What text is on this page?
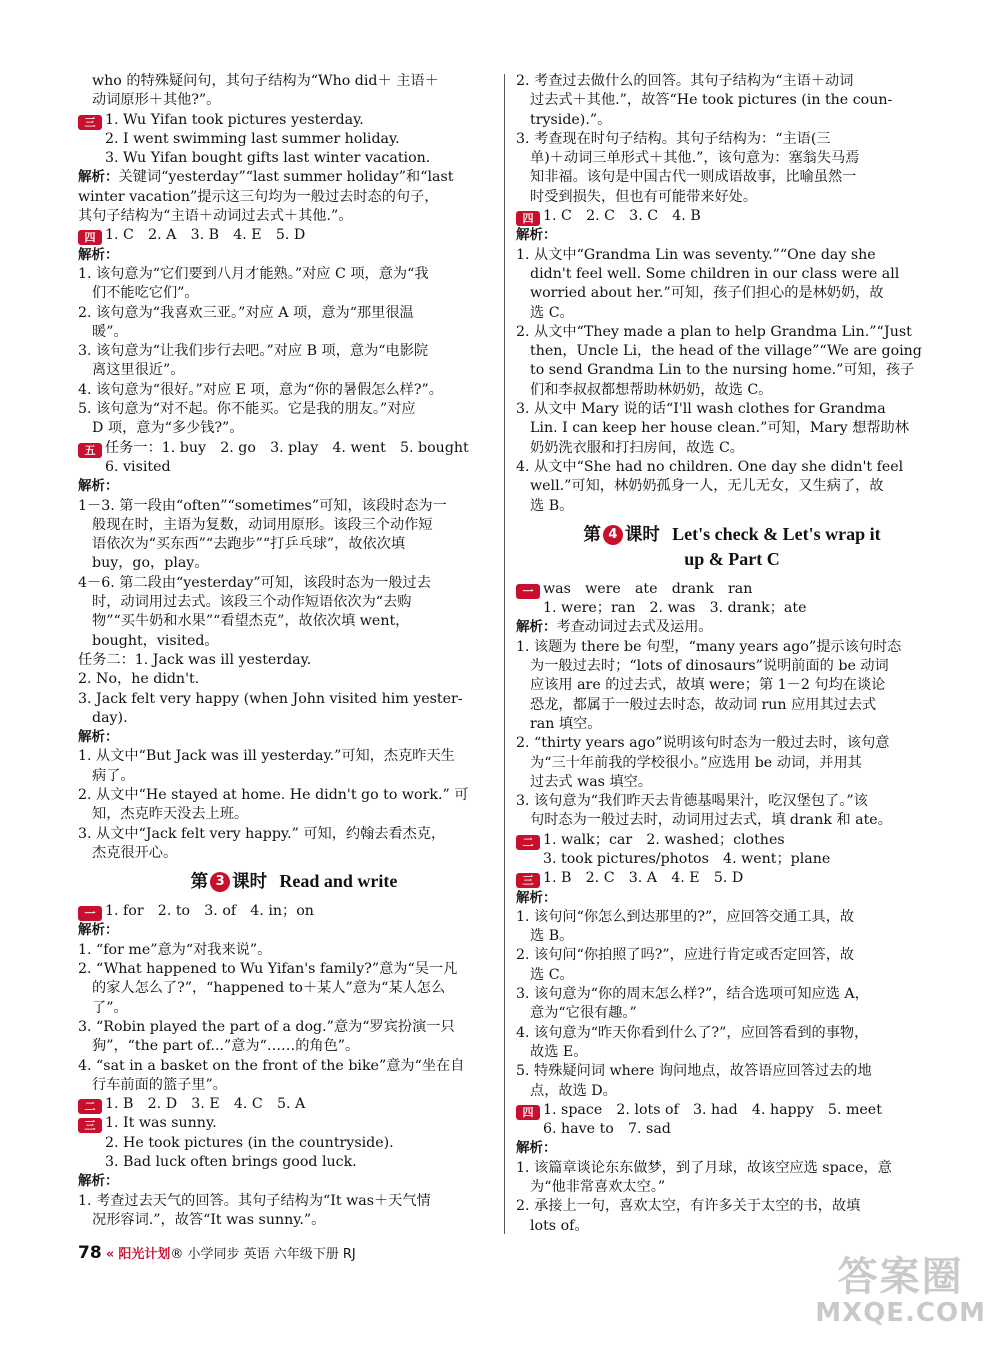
who 的特殊疑问句，其句子结构为“Who did＋ 主语＋
动词原形＋其他?”。
三 1. Wu Yifan took pictures yesterday.
2. I went swimming last summer holiday.
3. Wu Yifan bought gifts last winter vacation.
解析：关键词“yesterday”“last summer holiday”和“last
winter vacation”提示这三句均为一般过去时态的句子，
其句子结构为“主语＋动词过去式＋其他.”。
四 1. C　2. A　3. B　4. E　5. D
解析：
1. 该句意为“它们要到八月才能熟。”对应 C 项，意为“我
们不能吃它们”。
2. 该句意为“我喜欢三亚。”对应 A 项，意为“那里很温
暖”。
3. 该句意为“让我们步行去吧。”对应 B 项，意为“电影院
离这里很近”。
4. 该句意为“很好。”对应 E 项，意为“你的暑假怎么样?”。
5. 该句意为“对不起。你不能买。它是我的朋友。”对应
D 项，意为“多少钱?”。
五 任务一：1. buy　2. go　3. play　4. went　5. bought
6. visited
解析：
1－3. 第一段由“often”“sometimes”可知，该段时态为一
般现在时，主语为复数，动词用原形。该段三个动作短
语依次为“买东西”“去跑步”“打乒乓球”，故依次填
buy，go，play。
4－6. 第二段由“yesterday”可知，该段时态为一般过去
时，动词用过去式。该段三个动作短语依次为“去购
物”“买牛奶和水果”“看望杰克”，故依次填 went，
bought，visited。
任务二：1. Jack was ill yesterday.
2. No，he didn't.
3. Jack felt very happy (when John visited him yester-
day).
解析：
1. 从文中“But Jack was ill yesterday.”可知，杰克昨天生
病了。
2. 从文中“He stayed at home. He didn't go to work.” 可
知，杰克昨天没去上班。
3. 从文中“Jack felt very happy.” 可知，约翰去看杰克，
杰克很开心。
第 3 课时 Read and write
一 1. for　2. to　3. of　4. in；on
解析：
1. “for me”意为“对我来说”。
2. “What happened to Wu Yifan's family?”意为“吴一凡
的家人怎么了?”，“happened to＋某人”意为“某人怎么
了”。
3. “Robin played the part of a dog.”意为“罗宾扮演一只
狗”，“the part of...”意为“……的角色”。
4. “sat in a basket on the front of the bike”意为“坐在自
行车前面的篮子里”。
二 1. B　2. D　3. E　4. C　5. A
三 1. It was sunny.
2. He took pictures (in the countryside).
3. Bad luck often brings good luck.
解析：
1. 考查过去天气的回答。其句子结构为“It was＋天气情
况形容词.”，故答“It was sunny.”。
2. 考查过去做什么的回答。其句子结构为“主语＋动词
过去式＋其他.”，故答“He took pictures (in the coun-
tryside).”。
3. 考查现在时句子结构。其句子结构为：“主语(三
单)＋动词三单形式＋其他.”，该句意为：塞翁失马焉
知非福。该句是中国古代一则成语故事，比喻虽然一
时受到损失，但也有可能带来好处。
四 1. C　2. C　3. C　4. B
解析：
1. 从文中“Grandma Lin was seventy.”“One day she
didn't feel well. Some children in our class were all
worried about her.”可知，孩子们担心的是林奶奶，故
选 C。
2. 从文中“They made a plan to help Grandma Lin.”“Just
then，Uncle Li，the head of the village”“We are going
to send Grandma Lin to the nursing home.”可知，孩子
们和李叔叔都想帮助林奶奶，故选 C。
3. 从文中 Mary 说的话“I'll wash clothes for Grandma
Lin. I can keep her house clean.”可知，Mary 想帮助林
奶奶洗衣服和打扫房间，故选 C。
4. 从文中“She had no children. One day she didn't feel
well.”可知，林奶奶孤身一人，无儿无女，又生病了，故
选 B。
第 4 课时 Let's check & Let's wrap it
up & Part C
一 was　were　ate　drank　ran
1. were；ran　2. was　3. drank；ate
解析：考查动词过去式及运用。
1. 该题为 there be 句型，“many years ago”提示该句时态
为一般过去时；“lots of dinosaurs”说明前面的 be 动词
应该用 are 的过去式，故填 were；第 1－2 句均在谈论
恐龙，都属于一般过去时态，故动词 run 应用其过去式
ran 填空。
2. “thirty years ago”说明该句时态为一般过去时，该句意
为“三十年前我的学校很小。”应选用 be 动词，并用其
过去式 was 填空。
3. 该句意为“我们昨天去肯德基喝果汁，吃汉堡包了。”该
句时态为一般过去时，动词用过去式，填 drank 和 ate。
二 1. walk；car　2. washed；clothes
3. took pictures/photos　4. went；plane
三 1. B　2. C　3. A　4. E　5. D
解析：
1. 该句问“你怎么到达那里的?”，应回答交通工具，故
选 B。
2. 该句问“你拍照了吗?”，应进行肯定或否定回答，故
选 C。
3. 该句意为“你的周末怎么样?”，结合选项可知应选 A，
意为“它很有趣。”
4. 该句意为“昨天你看到什么了?”，应回答看到的事物，
故选 E。
5. 特殊疑问词 where 询问地点，故答语应回答过去的地
点，故选 D。
四 1. space　2. lots of　3. had　4. happy　5. meet
6. have to　7. sad
解析：
1. 该篇章谈论东东做梦，到了月球，故该空应选 space，意
为“他非常喜欢太空。”
2. 承接上一句，喜欢太空，有许多关于太空的书，故填
lots of。
78 « 阳光计划® 小学同步 英语 六年级下册 RJ	答案圈
MXQE.COM
